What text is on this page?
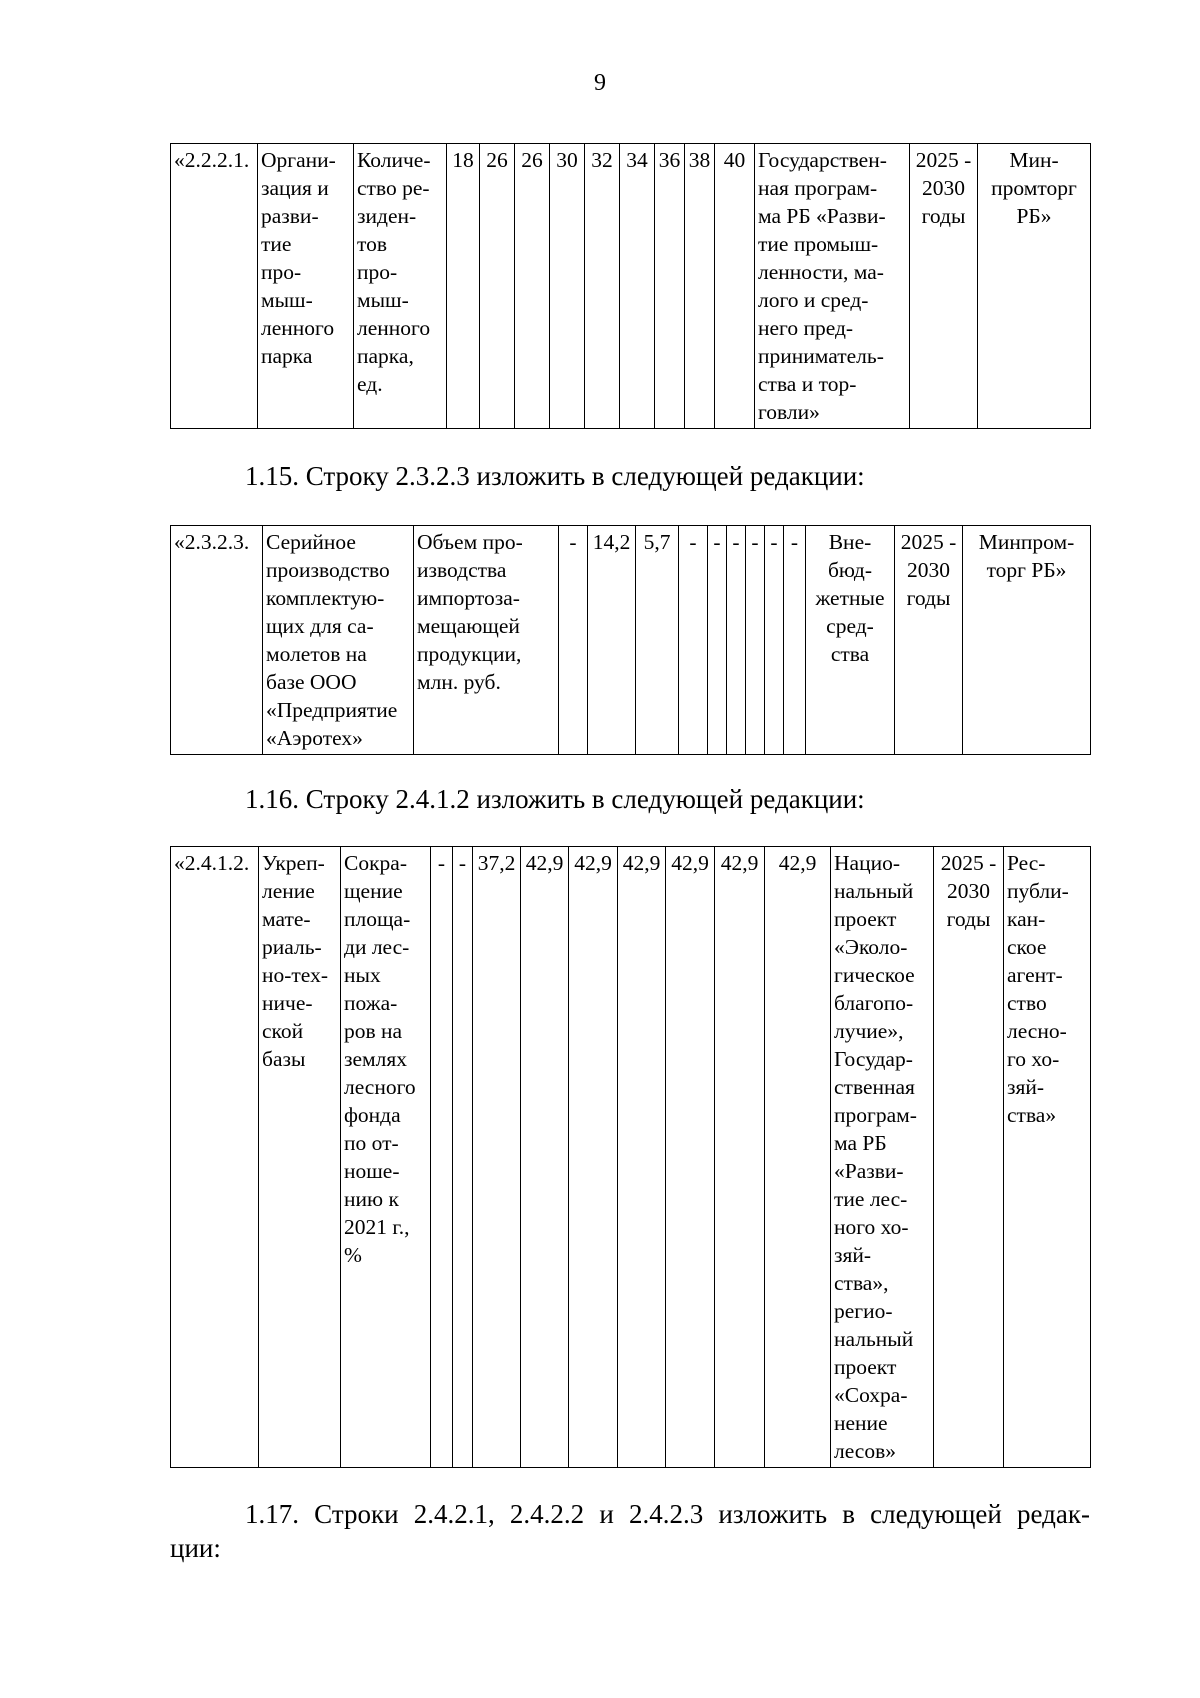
9
«2.2.2.1.	Органи-
зация и
разви-
тие
про-
мыш-
ленного
парка	Количе-
ство ре-
зиден-
тов
про-
мыш-
ленного
парка,
ед.	18	26	26	30	32	34	36	38	40	Государствен-
ная програм-
ма РБ «Разви-
тие промыш-
ленности, ма-
лого и сред-
него пред-
приниматель-
ства и тор-
говли»	2025 -
2030
годы	Мин-
промторг
РБ»
1.15. Строку 2.3.2.3 изложить в следующей редакции:
«2.3.2.3.	Серийное
производство
комплектую-
щих для са-
молетов на
базе ООО
«Предприятие
«Аэротех»	Объем про-
изводства
импортоза-
мещающей
продукции,
млн. руб.	-	14,2	5,7	-	-	-	-	-	-	Вне-
бюд-
жетные
сред-
ства	2025 -
2030
годы	Минпром-
торг РБ»
1.16. Строку 2.4.1.2 изложить в следующей редакции:
«2.4.1.2.	Укреп-
ление
мате-
риаль-
но-тех-
ниче-
ской
базы	Сокра-
щение
площа-
ди лес-
ных
пожа-
ров на
землях
лесного
фонда
по от-
ноше-
нию к
2021 г.,
%	-	-	37,2	42,9	42,9	42,9	42,9	42,9	42,9	Нацио-
нальный
проект
«Эколо-
гическое
благопо-
лучие»,
Государ-
ственная
програм-
ма РБ
«Разви-
тие лес-
ного хо-
зяй-
ства»,
регио-
нальный
проект
«Сохра-
нение
лесов»	2025 -
2030
годы	Рес-
публи-
кан-
ское
агент-
ство
лесно-
го хо-
зяй-
ства»
1.17. Строки 2.4.2.1, 2.4.2.2 и 2.4.2.3 изложить в следующей редак-
ции:
